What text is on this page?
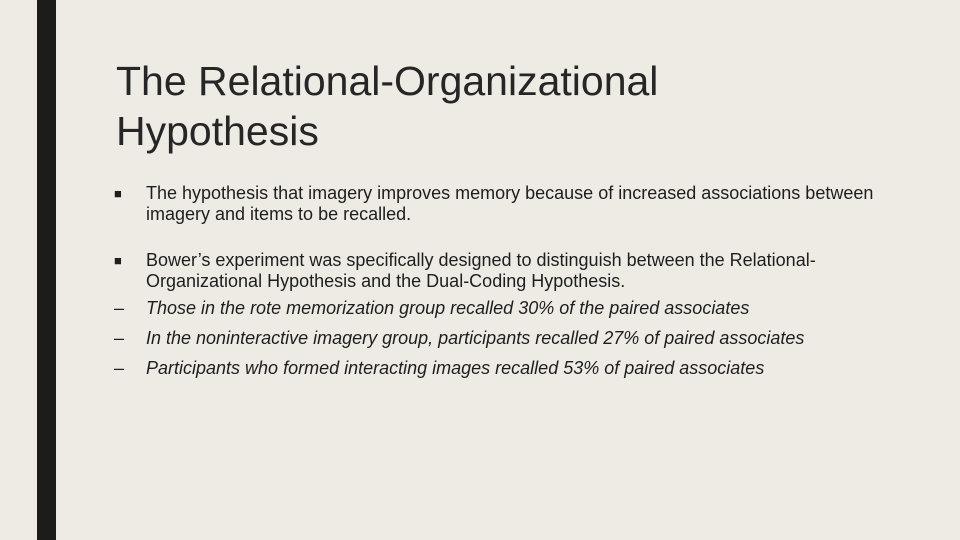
The Relational-Organizational
Hypothesis
■	The hypothesis that imagery improves memory because of increased associations between imagery and items to be recalled.
■	Bower’s experiment was specifically designed to distinguish between the Relational-Organizational Hypothesis and the Dual-Coding Hypothesis.
–	Those in the rote memorization group recalled 30% of the paired associates
–	In the noninteractive imagery group, participants recalled 27% of paired associates
–	Participants who formed interacting images recalled 53% of paired associates
